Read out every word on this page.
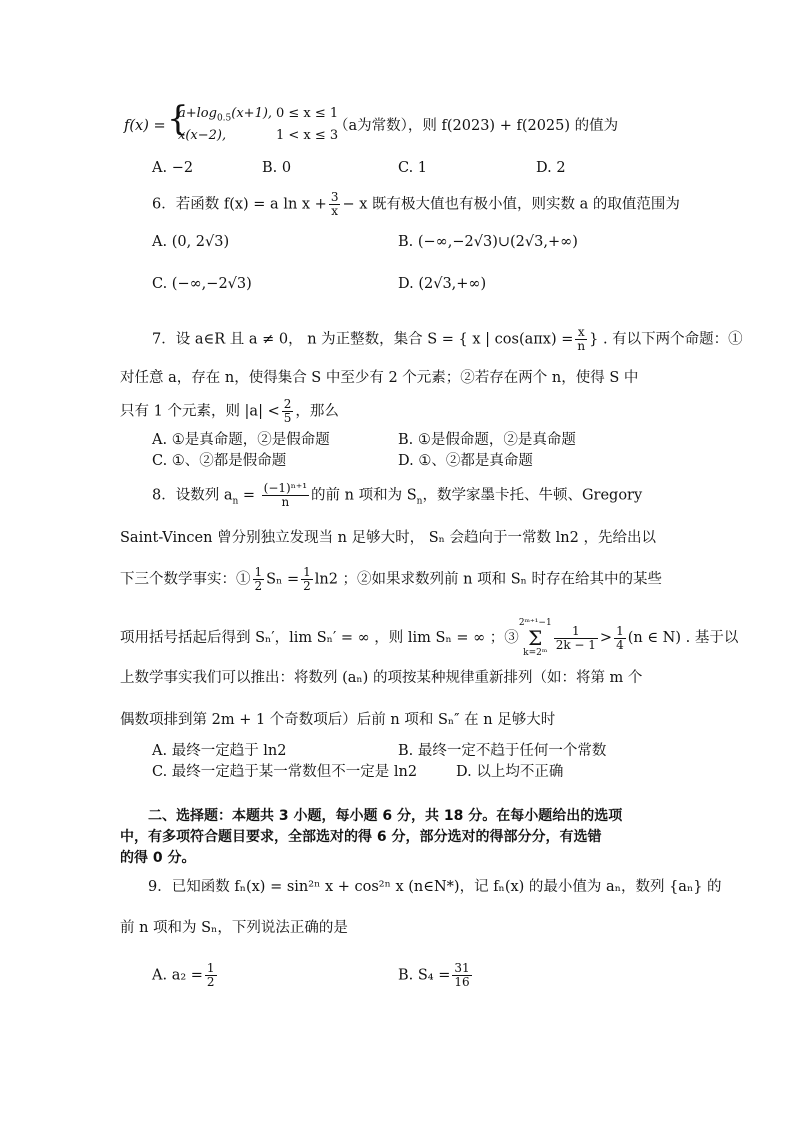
f(x) = {
$a+\log_{0.5}(x+1)$, 0 ≤ x ≤ 1
x(x−2),	1 < x ≤ 3
（a为常数），则 f(2023) + f(2025) 的值为
A. −2	B. 0	C. 1	D. 2
6．若函数 f(x) = a $\ln x + \frac{3}{x} - x$ 既有极大值也有极小值，则实数 a 的取值范围为
A. (0, 2√3)	B. (−∞,−2√3)∪(2√3,+∞)
C. (−∞,−2√3)	D. (2√3,+∞)
7．设 a∈R 且 a ≠ 0， n 为正整数，集合 S = { x | $\cos(a\pi x) = \frac{x}{n}$ } . 有以下两个命题：①
对任意 a，存在 n，使得集合 S 中至少有 2 个元素；②若存在两个 n，使得 S 中
只有 1 个元素，则 $|a| < \frac{2}{5}$ ，那么
A. ①是真命题，②是假命题	B. ①是假命题，②是真命题
C. ①、②都是假命题	D. ①、②都是真命题
8．设数列 $a_n = \frac{\text{(−1)ⁿ⁺¹}}{n}$ 的前 n 项和为 $S_n$，数学家墨卡托、牛顿、Gregory
Saint-Vincen 曾分别独立发现当 n 足够大时， Sₙ 会趋向于一常数 ln2 ，先给出以
下三个数学事实：① $\frac{1}{2}$ $S_n = \frac{1}{2} \ln 2$ ；②如果求数列前 n 项和 Sₙ 时存在给其中的某些
项用括号括起后得到 Sₙ′，lim Sₙ′ = ∞ ，则 lim Sₙ = ∞ ；③2ᵐ⁺¹−1
Σ
k=2ᵐ
$\frac{1}{2k - 1} > \frac{1}{4} (n$ ∈ N) . 基于以
上数学事实我们可以推出：将数列 (aₙ) 的项按某种规律重新排列（如：将第 m 个
偶数项排到第 2m + 1 个奇数项后）后前 n 项和 Sₙ″ 在 n 足够大时
A. 最终一定趋于 ln2	B. 最终一定不趋于任何一个常数
C. 最终一定趋于某一常数但不一定是 ln2	D. 以上均不正确
二、选择题：本题共 3 小题，每小题 6 分，共 18 分。在每小题给出的选项
中，有多项符合题目要求，全部选对的得 6 分，部分选对的得部分分，有选错
的得 0 分。
9．已知函数 fₙ(x) = sin²ⁿ x + cos²ⁿ x (n∈N*)，记 fₙ(x) 的最小值为 aₙ，数列 {aₙ} 的
前 n 项和为 Sₙ，下列说法正确的是
A. $a_2 = \frac{1}{2}$	B. $S_4 = \frac{31}{16}$
